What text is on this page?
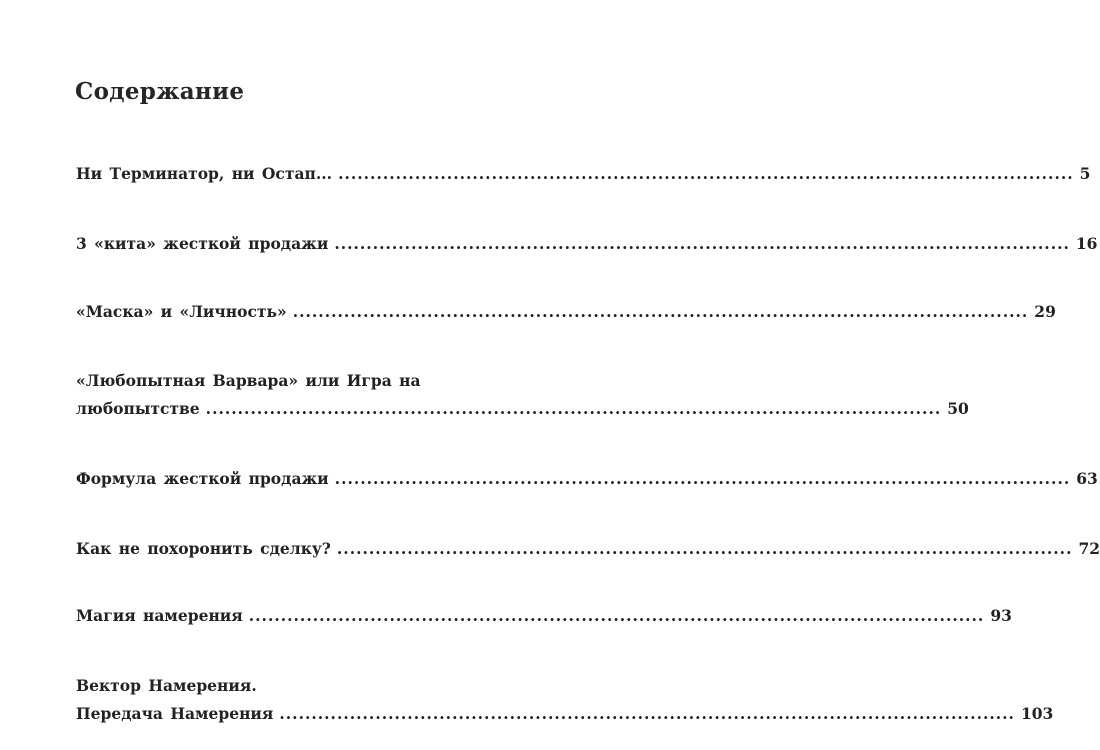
Содержание
Ни Терминатор, ни Остап... ................................................................................................................... 5
3 «кита» жесткой продажи ................................................................................................................... 16
«Маска» и «Личность» ................................................................................................................... 29
«Любопытная Варвара» или Игра на
любопытстве ................................................................................................................... 50
Формула жесткой продажи ................................................................................................................... 63
Как не похоронить сделку? ................................................................................................................... 72
Магия намерения ................................................................................................................... 93
Вектор Намерения.
Передача Намерения ................................................................................................................... 103
